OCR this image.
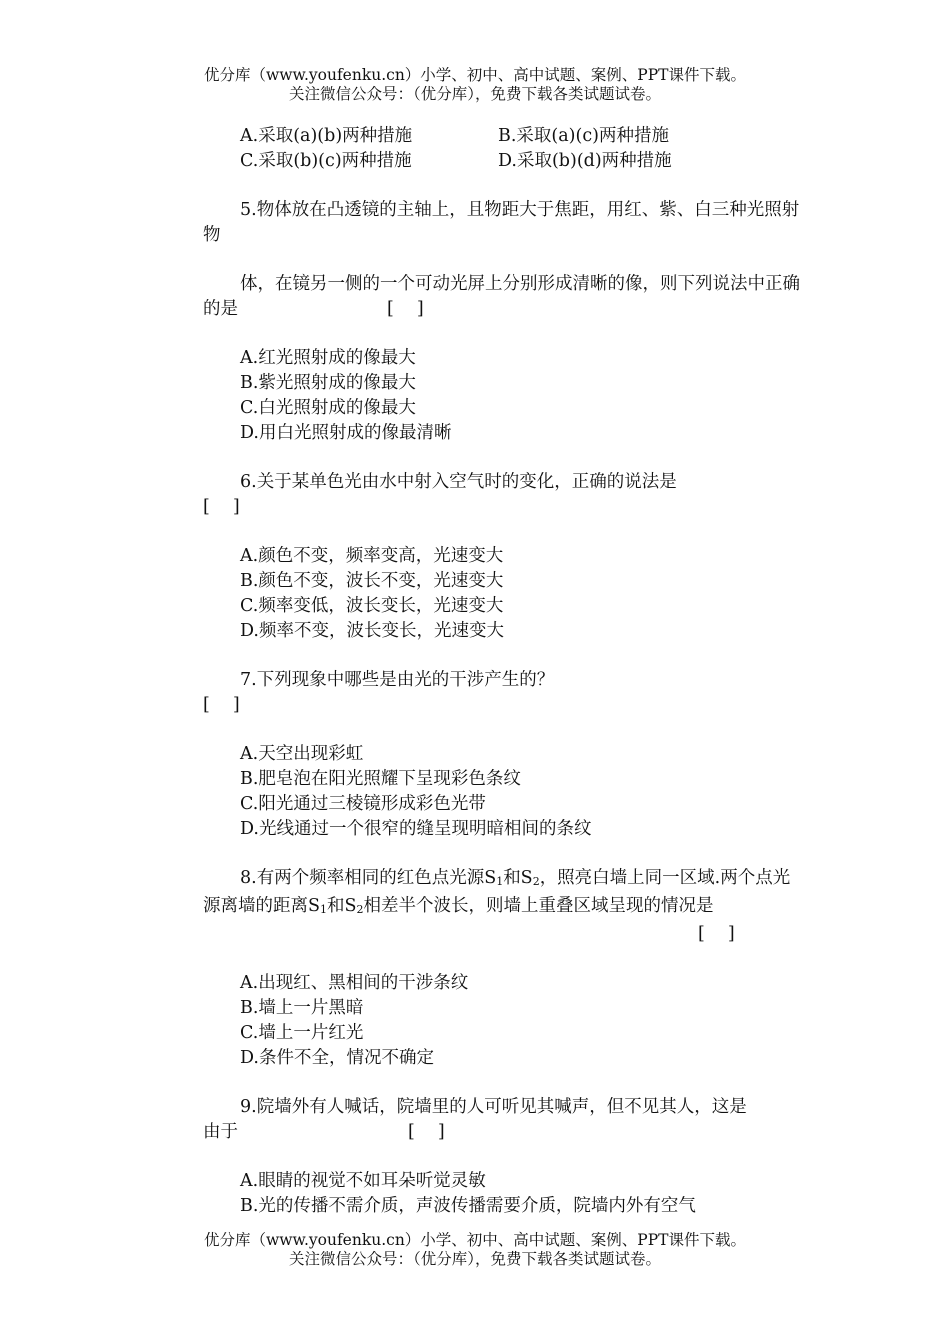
优分库（www.youfenku.cn）小学、初中、高中试题、案例、PPT课件下载。
关注微信公众号：（优分库），免费下载各类试题试卷。
A.采取(a)(b)两种措施	B.采取(a)(c)两种措施
C.采取(b)(c)两种措施	D.采取(b)(d)两种措施
5.物体放在凸透镜的主轴上，且物距大于焦距，用红、紫、白三种光照射物
体，在镜另一侧的一个可动光屏上分别形成清晰的像，则下列说法中正确的是	[　 ]
A.红光照射成的像最大
B.紫光照射成的像最大
C.白光照射成的像最大
D.用白光照射成的像最清晰
6.关于某单色光由水中射入空气时的变化，正确的说法是
[　 ]
A.颜色不变，频率变高，光速变大
B.颜色不变，波长不变，光速变大
C.频率变低，波长变长，光速变大
D.频率不变，波长变长，光速变大
7.下列现象中哪些是由光的干涉产生的？
[　 ]
A.天空出现彩虹
B.肥皂泡在阳光照耀下呈现彩色条纹
C.阳光通过三棱镜形成彩色光带
D.光线通过一个很窄的缝呈现明暗相间的条纹
8.有两个频率相同的红色点光源$S_1$和$S_2$，照亮白墙上同一区域.两个点光源离墙的距离$S_1$和$S_2$相差半个波长，则墙上重叠区域呈现的情况是[　 ]
A.出现红、黑相间的干涉条纹
B.墙上一片黑暗
C.墙上一片红光
D.条件不全，情况不确定
9.院墙外有人喊话，院墙里的人可听见其喊声，但不见其人，这是
由于	[　 ]
A.眼睛的视觉不如耳朵听觉灵敏
B.光的传播不需介质，声波传播需要介质，院墙内外有空气
优分库（www.youfenku.cn）小学、初中、高中试题、案例、PPT课件下载。
关注微信公众号：（优分库），免费下载各类试题试卷。
